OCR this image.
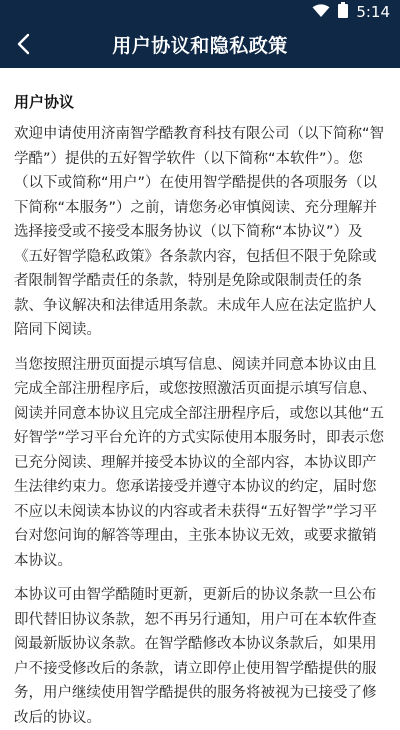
5:14
用户协议和隐私政策
用户协议

欢迎申请使用济南智学酷教育科技有限公司（以下简称“智学酷”）提供的五好智学软件（以下简称“本软件”）。您（以下或简称“用户”）在使用智学酷提供的各项服务（以下简称“本服务”）之前，请您务必审慎阅读、充分理解并选择接受或不接受本服务协议（以下简称“本协议”）及《五好智学隐私政策》各条款内容，包括但不限于免除或者限制智学酷责任的条款，特别是免除或限制责任的条款、争议解决和法律适用条款。未成年人应在法定监护人陪同下阅读。

当您按照注册页面提示填写信息、阅读并同意本协议由且完成全部注册程序后，或您按照激活页面提示填写信息、阅读并同意本协议且完成全部注册程序后，或您以其他“五好智学”学习平台允许的方式实际使用本服务时，即表示您已充分阅读、理解并接受本协议的全部内容，本协议即产生法律约束力。您承诺接受并遵守本协议的约定，届时您不应以未阅读本协议的内容或者未获得“五好智学”学习平台对您问询的解答等理由，主张本协议无效，或要求撤销本协议。

本协议可由智学酷随时更新，更新后的协议条款一旦公布即代替旧协议条款，恕不再另行通知，用户可在本软件查阅最新版协议条款。在智学酷修改本协议条款后，如果用户不接受修改后的条款，请立即停止使用智学酷提供的服务，用户继续使用智学酷提供的服务将被视为已接受了修改后的协议。
